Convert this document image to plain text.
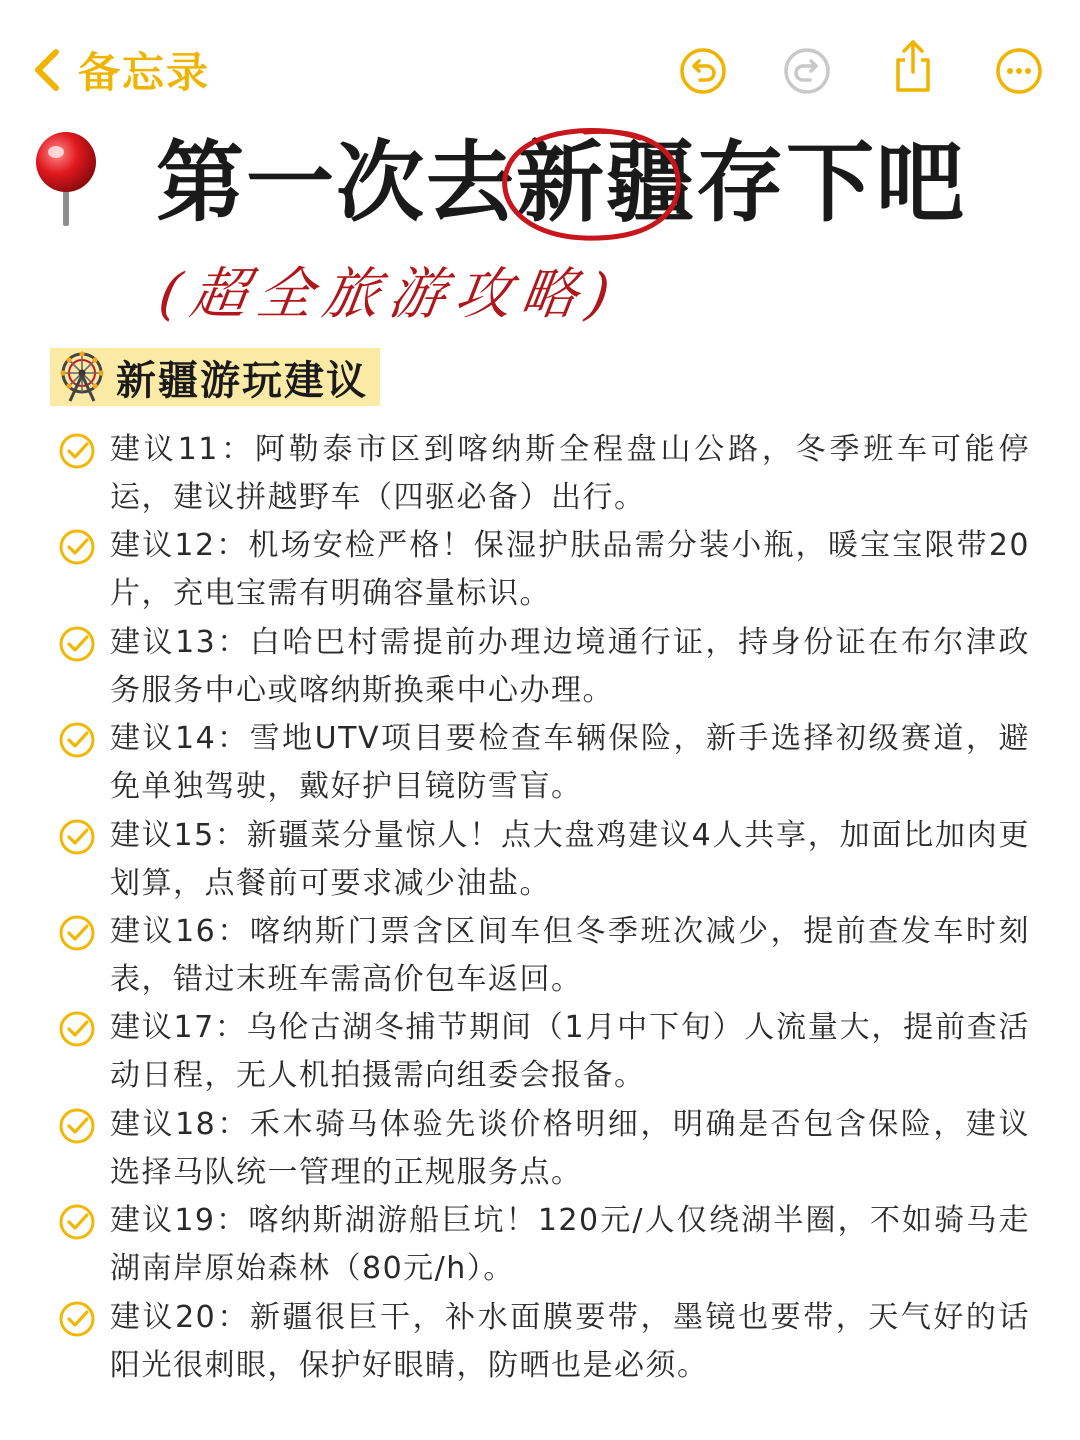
备忘录
第一次去新疆存下吧
(超全旅游攻略)
新疆游玩建议
建议11：阿勒泰市区到喀纳斯全程盘山公路，冬季班车可能停运，建议拼越野车（四驱必备）出行。
建议12：机场安检严格！保湿护肤品需分装小瓶，暖宝宝限带20片，充电宝需有明确容量标识。
建议13：白哈巴村需提前办理边境通行证，持身份证在布尔津政务服务中心或喀纳斯换乘中心办理。
建议14：雪地UTV项目要检查车辆保险，新手选择初级赛道，避免单独驾驶，戴好护目镜防雪盲。
建议15：新疆菜分量惊人！点大盘鸡建议4人共享，加面比加肉更划算，点餐前可要求减少油盐。
建议16：喀纳斯门票含区间车但冬季班次减少，提前查发车时刻表，错过末班车需高价包车返回。
建议17：乌伦古湖冬捕节期间（1月中下旬）人流量大，提前查活动日程，无人机拍摄需向组委会报备。
建议18：禾木骑马体验先谈价格明细，明确是否包含保险，建议选择马队统一管理的正规服务点。
建议19：喀纳斯湖游船巨坑！120元/人仅绕湖半圈，不如骑马走湖南岸原始森林（80元/h）。
建议20：新疆很巨干，补水面膜要带，墨镜也要带，天气好的话阳光很刺眼，保护好眼睛，防晒也是必须。
